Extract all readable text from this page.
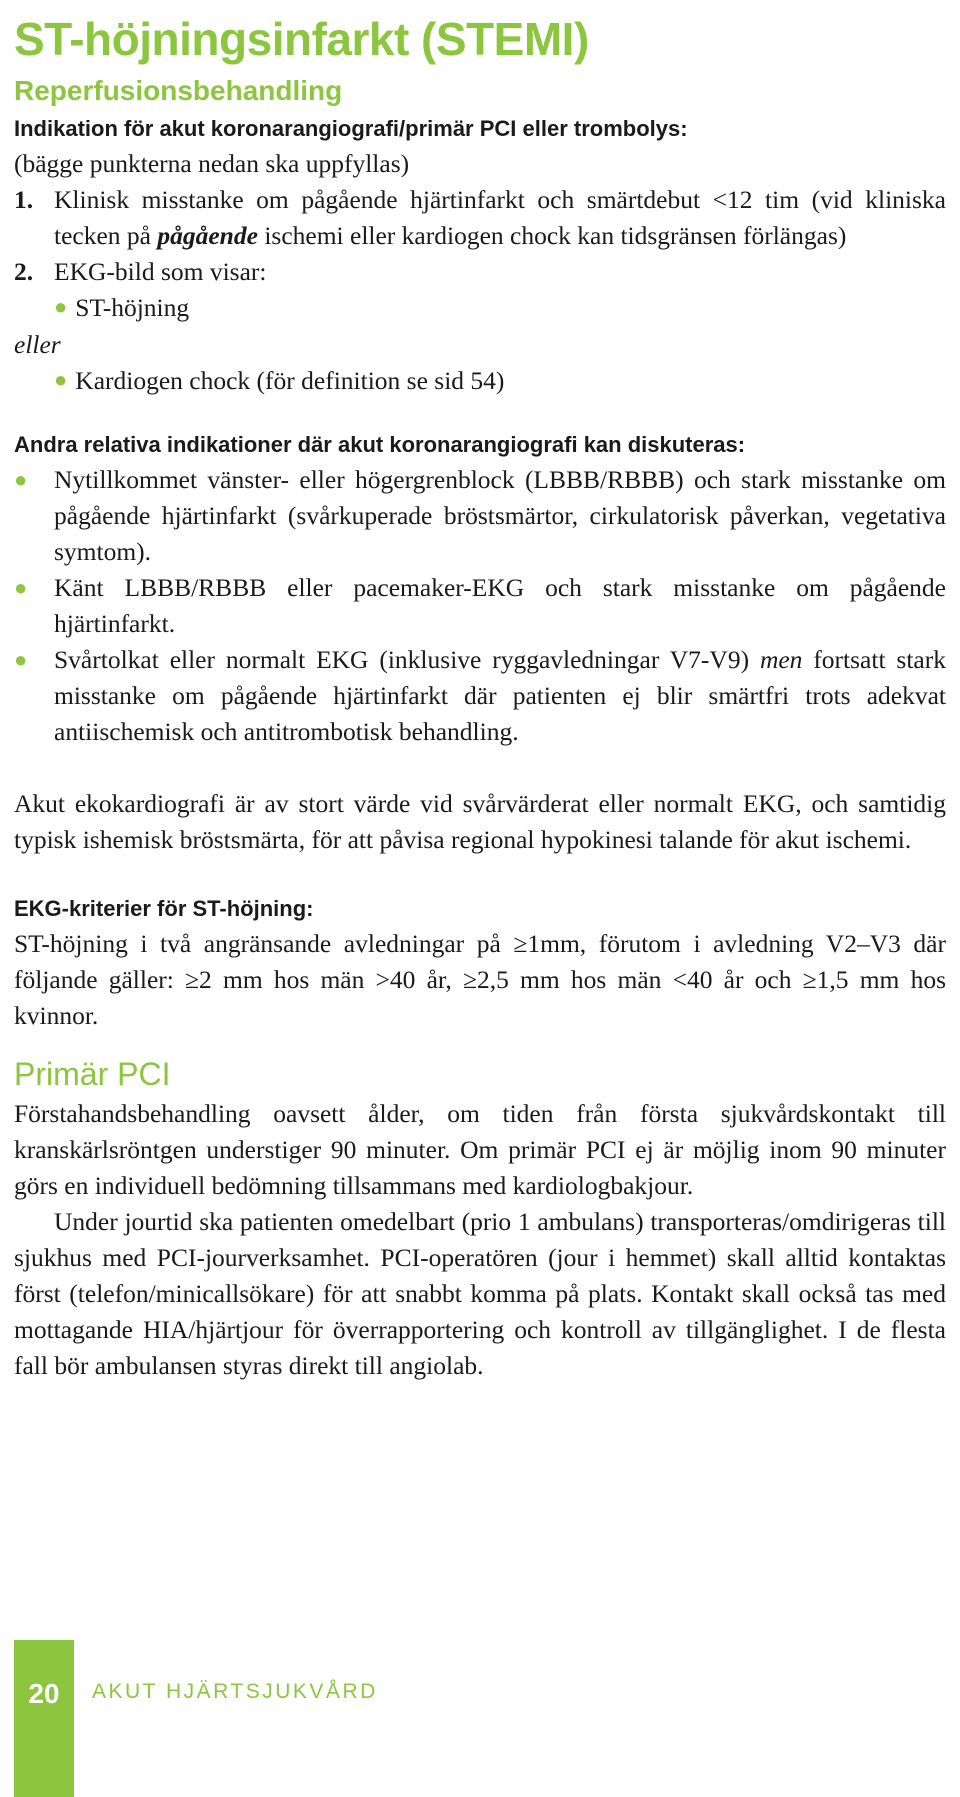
ST-höjningsinfarkt (STEMI)
Reperfusionsbehandling
Indikation för akut koronarangiografi/primär PCI eller trombolys:
(bägge punkterna nedan ska uppfyllas)
1. Klinisk misstanke om pågående hjärtinfarkt och smärtdebut <12 tim (vid kliniska tecken på pågående ischemi eller kardiogen chock kan tidsgränsen förlängas)
2. EKG-bild som visar:
● ST-höjning
eller
● Kardiogen chock (för definition se sid 54)
Andra relativa indikationer där akut koronarangiografi kan diskuteras:
●	Nytillkommet vänster- eller högergrenblock (LBBB/RBBB) och stark misstanke om pågående hjärtinfarkt (svårkuperade bröstsmärtor, cirkulatorisk påverkan, vegetativa symtom).
●	Känt LBBB/RBBB eller pacemaker-EKG och stark misstanke om pågående hjärtinfarkt.
●	Svårtolkat eller normalt EKG (inklusive ryggavledningar V7-V9) men fortsatt stark misstanke om pågående hjärtinfarkt där patienten ej blir smärtfri trots adekvat antiischemisk och antitrombotisk behandling.
Akut ekokardiografi är av stort värde vid svårvärderat eller normalt EKG, och samtidig typisk ishemisk bröstsmärta, för att påvisa regional hypokinesi talande för akut ischemi.
EKG-kriterier för ST-höjning:
ST-höjning i två angränsande avledningar på ≥1mm, förutom i avledning V2–V3 där följande gäller: ≥2 mm hos män >40 år, ≥2,5 mm hos män <40 år och ≥1,5 mm hos kvinnor.
Primär PCI
Förstahandsbehandling oavsett ålder, om tiden från första sjukvårdskontakt till kranskärlsröntgen understiger 90 minuter. Om primär PCI ej är möjlig inom 90 minuter görs en individuell bedömning tillsammans med kardiologbakjour.
Under jourtid ska patienten omedelbart (prio 1 ambulans) transporteras/omdirigeras till sjukhus med PCI-jourverksamhet. PCI-operatören (jour i hemmet) skall alltid kontaktas först (telefon/minicallsökare) för att snabbt komma på plats. Kontakt skall också tas med mottagande HIA/hjärtjour för överrapportering och kontroll av tillgänglighet. I de flesta fall bör ambulansen styras direkt till angiolab.
20	AKUT HJÄRTSJUKVÅRD
